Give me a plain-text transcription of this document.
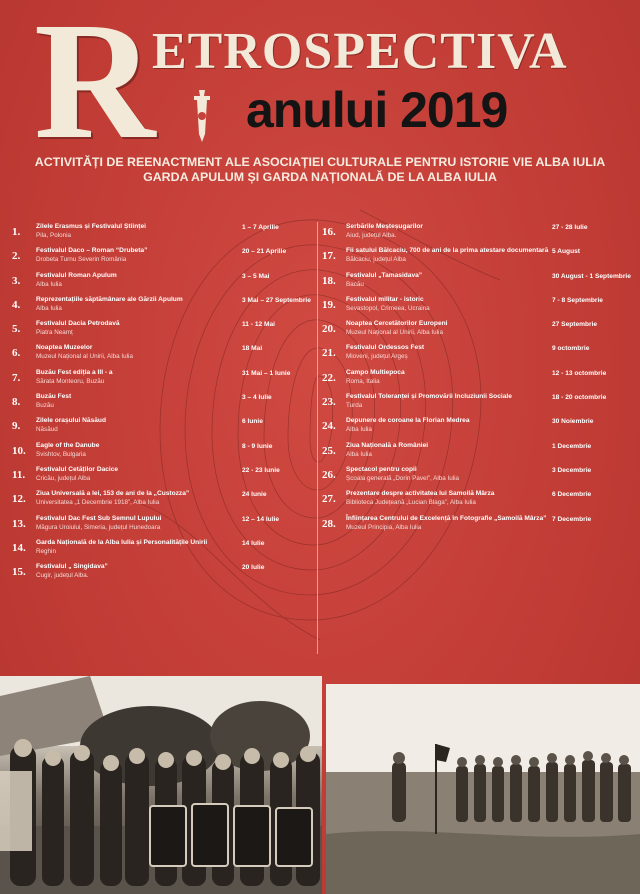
R
ETROSPECTIVA
anului 2019
ACTIVITĂȚI DE REENACTMENT ALE ASOCIAȚIEI CULTURALE PENTRU ISTORIE VIE ALBA IULIA
GARDA APULUM ȘI GARDA NAȚIONALĂ DE LA ALBA IULIA
1. Zilele Erasmus și Festivalul Științei
Pila, Polonia
1 – 7 Aprilie
2. Festivalul Daco – Roman “Drubeta”
Drobeta Turnu Severin România
20 – 21 Aprilie
3. Festivalul Roman Apulum
Alba Iulia
3 – 5 Mai
4. Reprezentațiile săptămânare ale Gărzii Apulum
Alba Iulia
3 Mai – 27 Septembrie
5. Festivalul Dacia Petrodavă
Piatra Neamț
11 - 12 Mai
6. Noaptea Muzeelor
Muzeul Național al Unirii, Alba Iulia
18 Mai
7. Buzău Fest ediția a III - a
Sărata Monteoru, Buzău
31 Mai – 1 Iunie
8. Buzău Fest
Buzău
3 – 4 Iulie
9. Zilele orașului Năsăud
Năsăud
6 Iunie
10. Eagle of the Danube
Svishtov, Bulgaria
8 - 9 Iunie
11. Festivalul Cetăților Dacice
Cricău, județul Alba
22 - 23 Iunie
12. Ziua Universală a Iei, 153 de ani de la „Custozza”
Universitatea „1 Decembrie 1918”, Alba Iulia
24 Iunie
13. Festivalul Dac Fest Sub Semnul Lupului
Măgura Uroiului, Simeria, județul Hunedoara
12 – 14 Iulie
14. Garda Națională de la Alba Iulia și Personalitățile Unirii
Reghin
14 Iulie
15. Festivalul „ Singidava”
Cugir, județul Alba.
20 Iulie
16. Serbările Meșteșugarilor
Aiud, județul Alba.
27 - 28 Iulie
17. Fii satului Bălcaciu, 700 de ani de la prima atestare documentară
Bălcaciu, județul Alba
5 August
18. Festivalul „Tamasidava”
Bacău
30 August - 1 Septembrie
19. Festivalul militar - istoric
Sevastopol, Crimeea, Ucraina
7 - 8 Septembrie
20. Noaptea Cercetătorilor Europeni
Muzeul Național al Unirii, Alba Iulia
27 Septembrie
21. Festivalul Ordessos Fest
Mioveni, județul Argeș
9 octombrie
22. Campo Multiepoca
Roma, Italia
12 - 13 octombrie
23. Festivalul Toleranței și Promovării Incluziunii Sociale
Turda
18 - 20 octombrie
24. Depunere de coroane la Florian Medrea
Alba Iulia
30 Noiembrie
25. Ziua Națională a României
Alba Iulia
1 Decembrie
26. Spectacol pentru copii
Școala generală „Dorin Pavel”, Alba Iulia
3 Decembrie
27. Prezentare despre activitatea lui Samoilă Mârza
Biblioteca Județeană „Lucian Blaga”, Alba Iulia
6 Decembrie
28. Înființarea Centrului de Excelență în Fotografie „Samoilă Mârza”
Muzeul Principia, Alba Iulia
7 Decembrie
